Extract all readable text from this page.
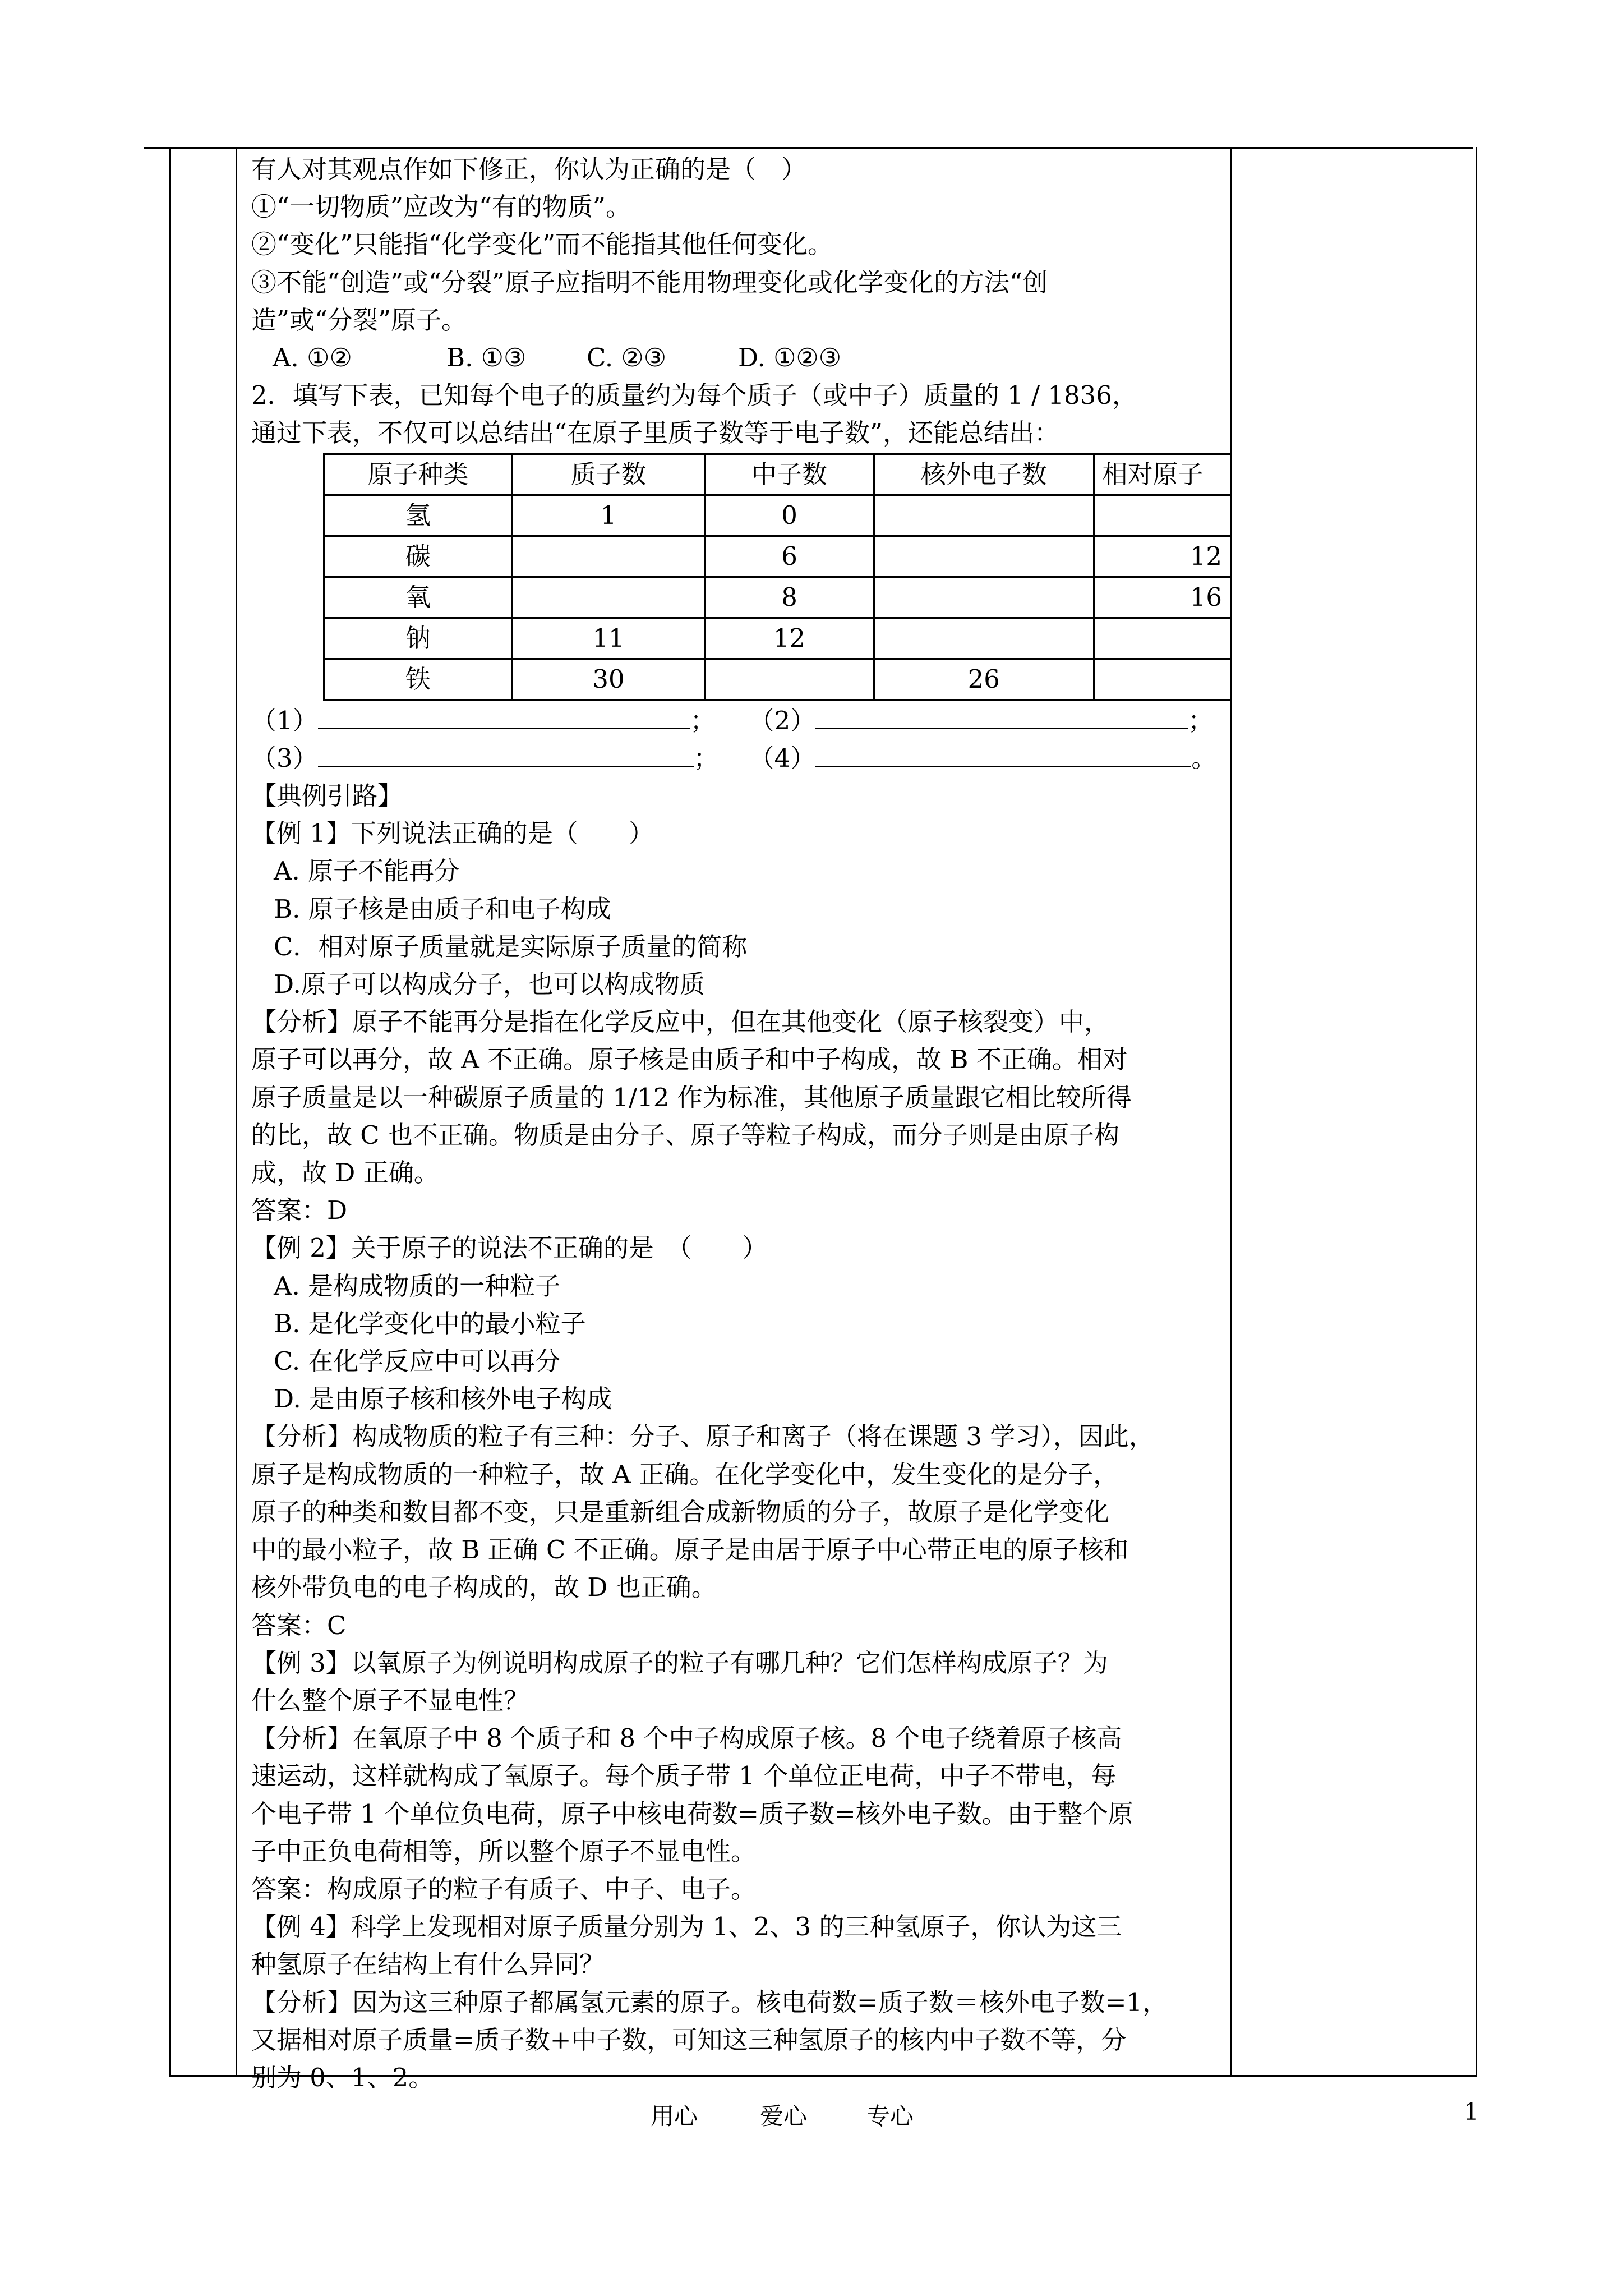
有人对其观点作如下修正，你认为正确的是（　）

①“一切物质”应改为“有的物质”。

②“变化”只能指“化学变化”而不能指其他任何变化。

③不能“创造”或“分裂”原子应指明不能用物理变化或化学变化的方法“创

造”或“分裂”原子。

A. ①②	B. ①③ C. ②③	D. ①②③

2．填写下表，已知每个电子的质量约为每个质子（或中子）质量的 1 / 1836，

通过下表，不仅可以总结出“在原子里质子数等于电子数”，还能总结出：

原子种类	质子数	中子数	核外电子数	相对原子
氢	1	0		
碳		6		12
氧		8		16
钠	11	12		
铁	30		26	

（1）	； （2）	；

（3）	； （4）	。

【典例引路】

【例 1】下列说法正确的是（　　）

A. 原子不能再分

B. 原子核是由质子和电子构成

C．相对原子质量就是实际原子质量的简称

D.原子可以构成分子，也可以构成物质

【分析】原子不能再分是指在化学反应中，但在其他变化（原子核裂变）中，

原子可以再分，故 A 不正确。原子核是由质子和中子构成，故 B 不正确。相对

原子质量是以一种碳原子质量的 1/12 作为标准，其他原子质量跟它相比较所得

的比，故 C 也不正确。物质是由分子、原子等粒子构成，而分子则是由原子构

成，故 D 正确。

答案：D

【例 2】关于原子的说法不正确的是　（　　）

A. 是构成物质的一种粒子

B. 是化学变化中的最小粒子

C. 在化学反应中可以再分

D. 是由原子核和核外电子构成

【分析】构成物质的粒子有三种：分子、原子和离子（将在课题 3 学习），因此，

原子是构成物质的一种粒子，故 A 正确。在化学变化中，发生变化的是分子，

原子的种类和数目都不变，只是重新组合成新物质的分子，故原子是化学变化

中的最小粒子，故 B 正确 C 不正确。原子是由居于原子中心带正电的原子核和

核外带负电的电子构成的，故 D 也正确。

答案：C

【例 3】以氧原子为例说明构成原子的粒子有哪几种？它们怎样构成原子？为

什么整个原子不显电性？

【分析】在氧原子中 8 个质子和 8 个中子构成原子核。8 个电子绕着原子核高

速运动，这样就构成了氧原子。每个质子带 1 个单位正电荷，中子不带电，每

个电子带 1 个单位负电荷，原子中核电荷数=质子数=核外电子数。由于整个原

子中正负电荷相等，所以整个原子不显电性。

答案：构成原子的粒子有质子、中子、电子。

【例 4】科学上发现相对原子质量分别为 1、2、3 的三种氢原子，你认为这三

种氢原子在结构上有什么异同？

【分析】因为这三种原子都属氢元素的原子。核电荷数=质子数＝核外电子数=1，

又据相对原子质量=质子数+中子数，可知这三种氢原子的核内中子数不等，分

别为 0、1、2。

用心	爱心	专心	1
